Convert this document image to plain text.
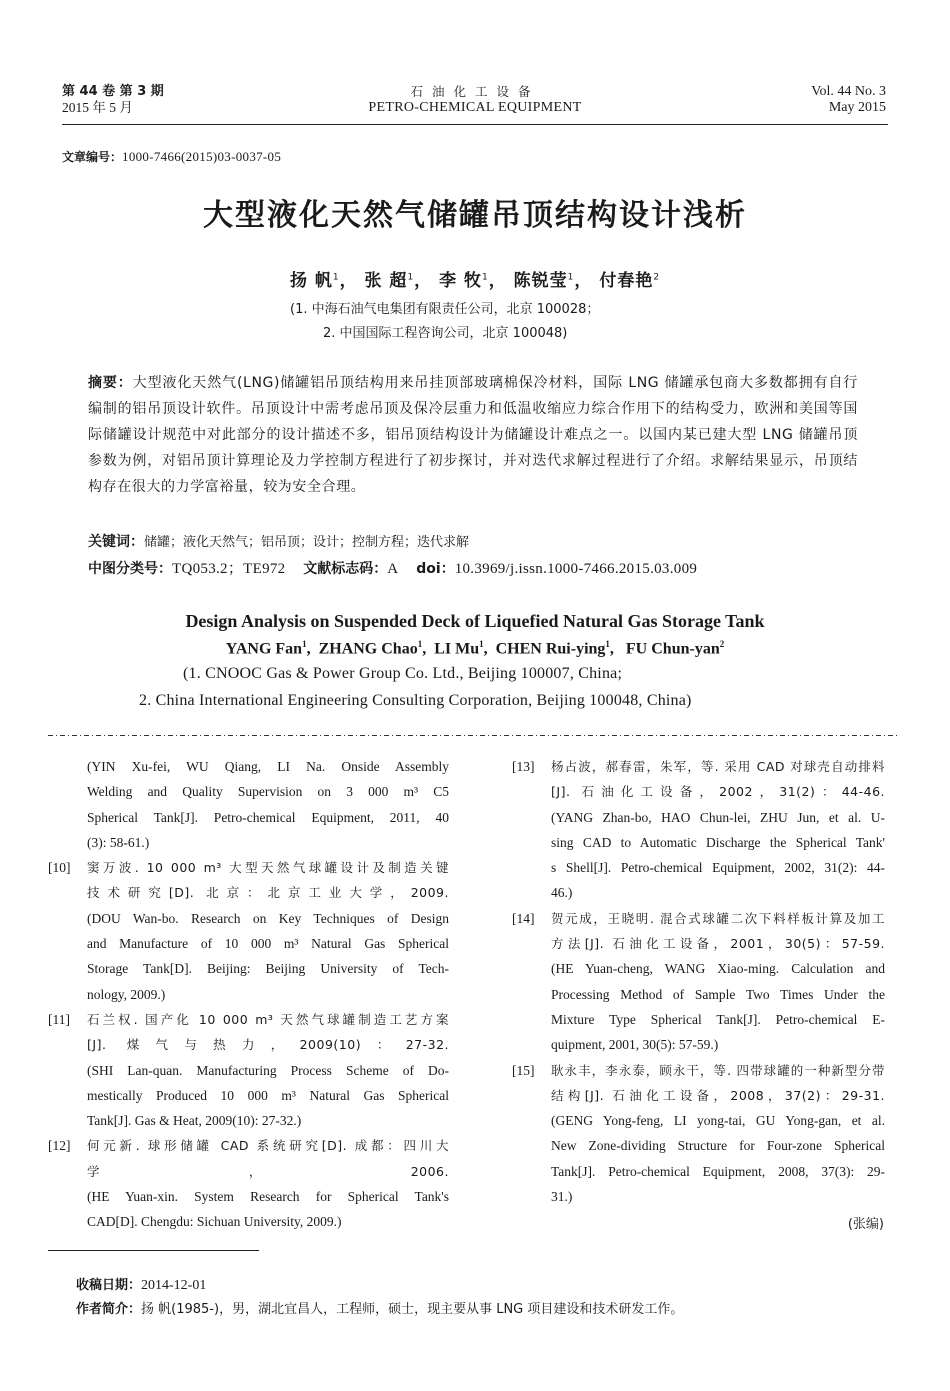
第 44 卷 第 3 期
2015 年 5 月
石油化工设备
PETRO-CHEMICAL EQUIPMENT
Vol. 44 No. 3
May 2015
文章编号：1000-7466(2015)03-0037-05
大型液化天然气储罐吊顶结构设计浅析
扬 帆$^1$， 张 超$^1$， 李 牧$^1$， 陈锐莹$^1$， 付春艳$^2$
(1. 中海石油气电集团有限责任公司，北京 100028；
2. 中国国际工程咨询公司，北京 100048)
摘要：大型液化天然气(LNG)储罐铝吊顶结构用来吊挂顶部玻璃棉保冷材料，国际 LNG 储罐承包商大多数都拥有自行编制的铝吊顶设计软件。吊顶设计中需考虑吊顶及保冷层重力和低温收缩应力综合作用下的结构受力，欧洲和美国等国际储罐设计规范中对此部分的设计描述不多，铝吊顶结构设计为储罐设计难点之一。以国内某已建大型 LNG 储罐吊顶参数为例，对铝吊顶计算理论及力学控制方程进行了初步探讨，并对迭代求解过程进行了介绍。求解结果显示，吊顶结构存在很大的力学富裕量，较为安全合理。
关键词：储罐；液化天然气；铝吊顶；设计；控制方程；迭代求解
中图分类号：TQ053.2；TE972 文献标志码：A doi：10.3969/j.issn.1000-7466.2015.03.009
Design Analysis on Suspended Deck of Liquefied Natural Gas Storage Tank
YANG Fan$^1$,  ZHANG Chao$^1$,  LI Mu$^1$,  CHEN Rui-ying$^1$,   FU Chun-yan$^2$
(1. CNOOC Gas & Power Group Co. Ltd., Beijing 100007, China;
2. China International Engineering Consulting Corporation, Beijing 100048, China)
(YIN Xu-fei, WU Qiang, LI Na. Onside Assembly
Welding and Quality Supervision on 3 000 m³ C5
Spherical Tank[J]. Petro-chemical Equipment, 2011, 40
(3): 58-61.)
[10] 窦万波. 10 000 m³ 大型天然气球罐设计及制造关键
技术研究[D]. 北京：北京工业大学，2009.
(DOU Wan-bo. Research on Key Techniques of Design
and Manufacture of 10 000 m³ Natural Gas Spherical
Storage Tank[D]. Beijing: Beijing University of Tech-
nology, 2009.)
[11] 石兰权. 国产化 10 000 m³ 天然气球罐制造工艺方案
[J]. 煤气与热力，2009(10)：27-32.
(SHI Lan-quan. Manufacturing Process Scheme of Do-
mestically Produced 10 000 m³ Natural Gas Spherical
Tank[J]. Gas & Heat, 2009(10): 27-32.)
[12] 何元新. 球形储罐 CAD 系统研究[D]. 成都：四川大
学，2006.
(HE Yuan-xin. System Research for Spherical Tank's
CAD[D]. Chengdu: Sichuan University, 2009.)
[13] 杨占波，郝春雷，朱军，等. 采用 CAD 对球壳自动排料
[J]. 石油化工设备，2002，31(2)：44-46.
(YANG Zhan-bo, HAO Chun-lei, ZHU Jun, et al. U-
sing CAD to Automatic Discharge the Spherical Tank'
s Shell[J]. Petro-chemical Equipment, 2002, 31(2): 44-
46.)
[14] 贺元成，王晓明. 混合式球罐二次下料样板计算及加工
方法[J]. 石油化工设备，2001，30(5)：57-59.
(HE Yuan-cheng, WANG Xiao-ming. Calculation and
Processing Method of Sample Two Times Under the
Mixture Type Spherical Tank[J]. Petro-chemical E-
quipment, 2001, 30(5): 57-59.)
[15] 耿永丰，李永泰，顾永干，等. 四带球罐的一种新型分带
结构[J]. 石油化工设备，2008，37(2)：29-31.
(GENG Yong-feng, LI yong-tai, GU Yong-gan, et al.
New Zone-dividing Structure for Four-zone Spherical
Tank[J]. Petro-chemical Equipment, 2008, 37(3): 29-
31.)
(张编)
收稿日期：2014-12-01
作者简介：扬 帆(1985-)，男，湖北宜昌人，工程师，硕士，现主要从事 LNG 项目建设和技术研发工作。
